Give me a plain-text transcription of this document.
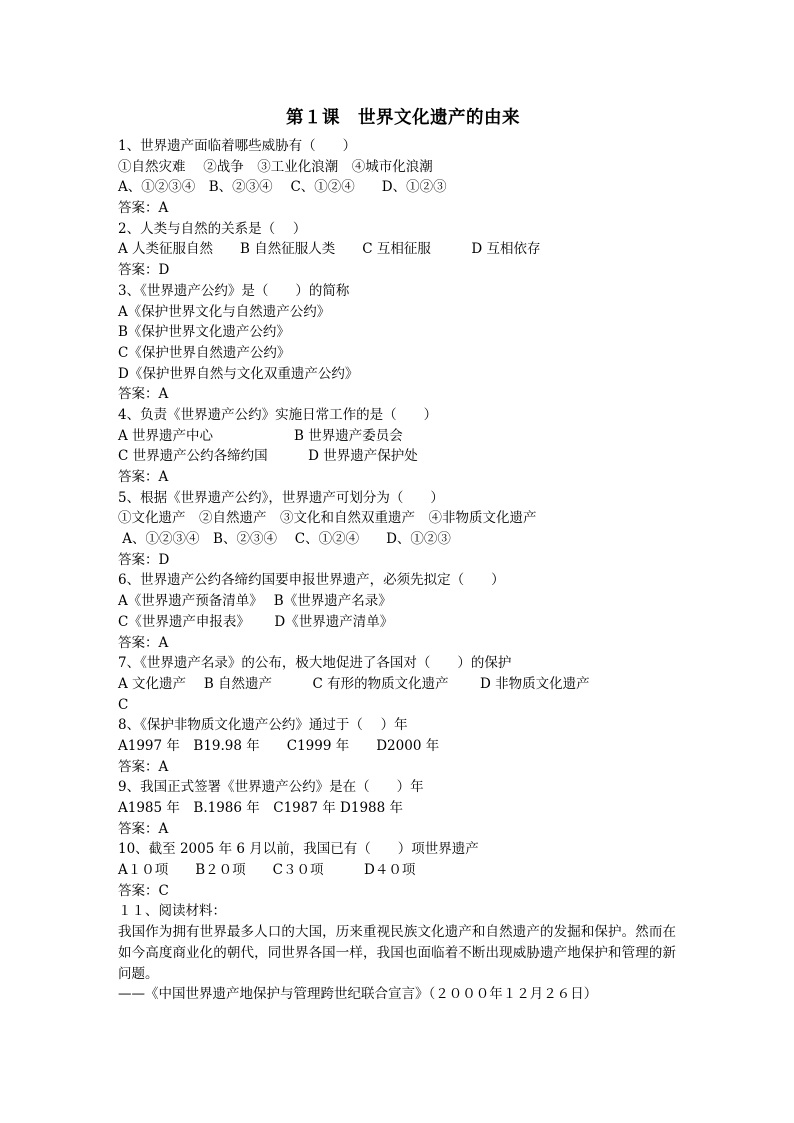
第１课　世界文化遗产的由来
1、世界遗产面临着哪些威胁有（　　）
①自然灾难　 ②战争　③工业化浪潮　④城市化浪潮
A、①②③④　B、②③④　 C、①②④　　D、①②③
答案：A
2、人类与自然的关系是（　 ）
A 人类征服自然　　B 自然征服人类　　C 互相征服　　　D 互相依存
答案：D
3、《世界遗产公约》是（　　）的简称
A《保护世界文化与自然遗产公约》
B《保护世界文化遗产公约》
C《保护世界自然遗产公约》
D《保护世界自然与文化双重遗产公约》
答案：A
4、负责《世界遗产公约》实施日常工作的是（　　）
A 世界遗产中心　　　　　　B 世界遗产委员会
C 世界遗产公约各缔约国　　　D 世界遗产保护处
答案：A
5、根据《世界遗产公约》，世界遗产可划分为（　　）
①文化遗产　②自然遗产　③文化和自然双重遗产　④非物质文化遗产
A、①②③④　B、②③④　 C、①②④　　D、①②③
答案：D
6、世界遗产公约各缔约国要申报世界遗产，必须先拟定（　　）
A《世界遗产预备清单》　 B《世界遗产名录》
C《世界遗产申报表》　　 D《世界遗产清单》
答案：A
7、《世界遗产名录》的公布，极大地促进了各国对（　　）的保护
A 文化遗产　 B 自然遗产　　　C 有形的物质文化遗产　　 D 非物质文化遗产
C
8、《保护非物质文化遗产公约》通过于（　 ）年
A1997 年　B19.98 年　　C1999 年　　D2000 年
答案：A
9、我国正式签署《世界遗产公约》是在（　　）年
A1985 年　B.1986 年　C1987 年 D1988 年
答案：A
10、截至 2005 年 6 月以前，我国已有（　　）项世界遗产
A１０项　　B２０项　　C３０项　　　D４０项
答案：C
１１、阅读材料：

我国作为拥有世界最多人口的大国，历来重视民族文化遗产和自然遗产的发掘和保护。然而在如今高度商业化的朝代，同世界各国一样，我国也面临着不断出现威胁遗产地保护和管理的新问题。

——《中国世界遗产地保护与管理跨世纪联合宣言》（２０００年１２月２６日）
